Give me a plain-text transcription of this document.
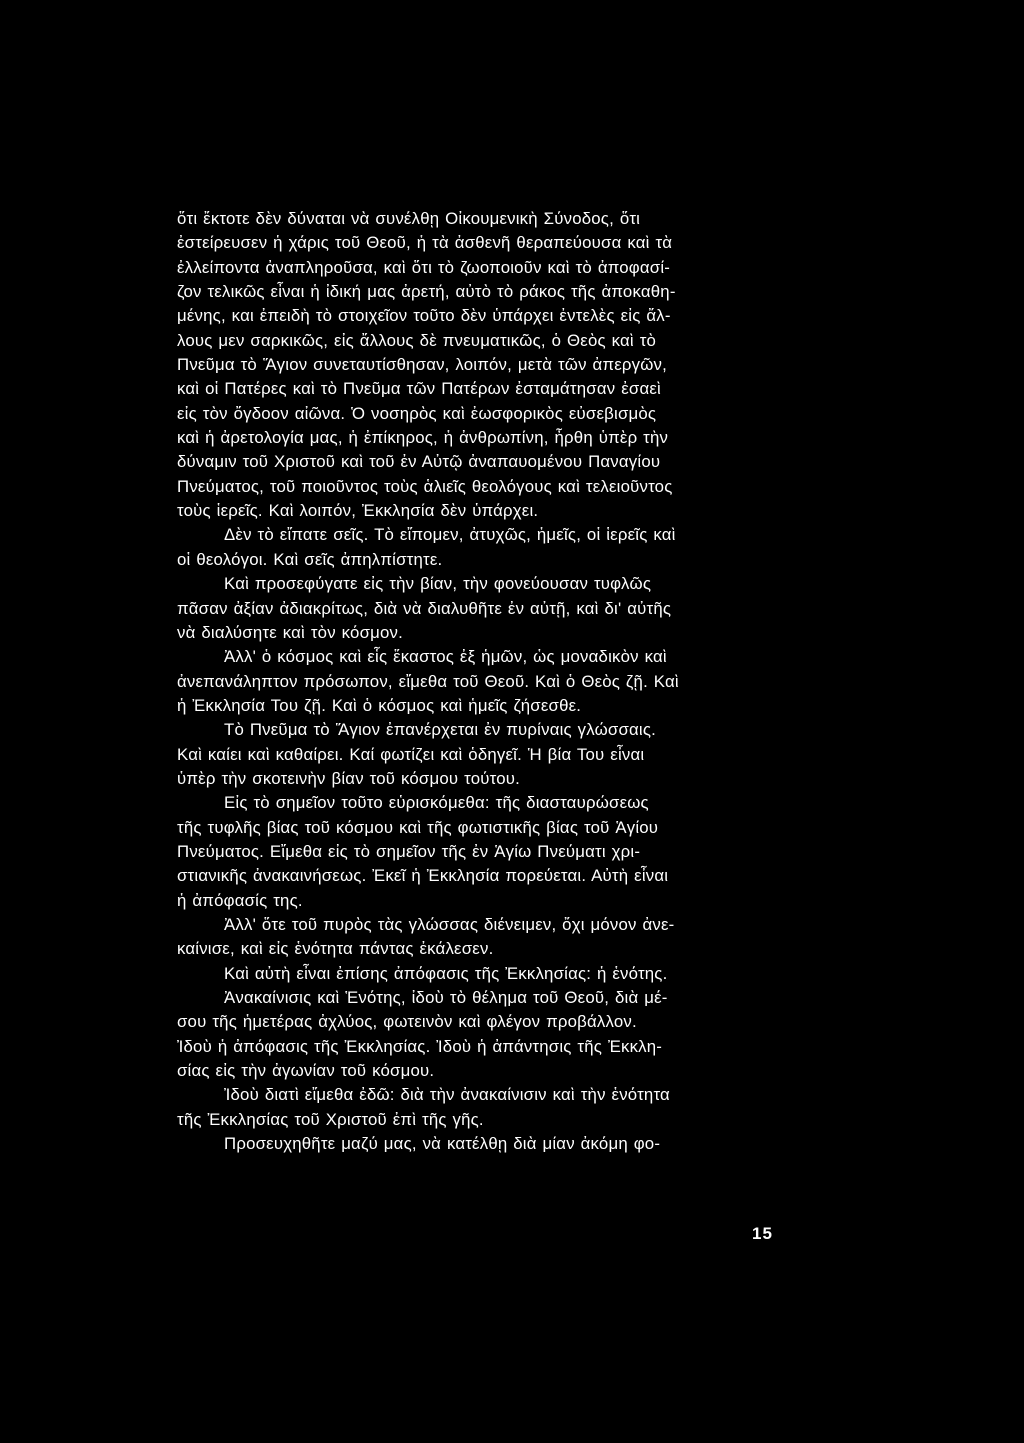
ὅτι ἔκτοτε δὲν δύναται νὰ συνέλθῃ Οἰκουμενικὴ Σύνοδος, ὅτι
ἐστείρευσεν ἡ χάρις τοῦ Θεοῦ, ἡ τὰ ἀσθενῆ θεραπεύουσα καὶ τὰ
ἐλλείποντα ἀναπληροῦσα, καὶ ὅτι τὸ ζωοποιοῦν καὶ τὸ ἀποφασί-
ζον τελικῶς εἶναι ἡ ἰδική μας ἀρετή, αὐτὸ τὸ ράκος τῆς ἀποκαθη-
μένης, και ἐπειδὴ τὸ στοιχεῖον τοῦτο δὲν ὑπάρχει ἐντελὲς εἰς ἄλ-
λους μεν σαρκικῶς, εἰς ἄλλους δὲ πνευματικῶς, ὁ Θεὸς καὶ τὸ
Πνεῦμα τὸ Ἅγιον συνεταυτίσθησαν, λοιπόν, μετὰ τῶν ἀπεργῶν,
καὶ οἱ Πατέρες καὶ τὸ Πνεῦμα τῶν Πατέρων ἐσταμάτησαν ἐσαεὶ
εἰς τὸν ὄγδοον αἰῶνα. Ὁ νοσηρὸς καὶ ἐωσφορικὸς εὐσεβισμὸς
καὶ ἡ ἀρετολογία μας, ἡ ἐπίκηρος, ἡ ἀνθρωπίνη, ἦρθη ὑπὲρ τὴν
δύναμιν τοῦ Χριστοῦ καὶ τοῦ ἐν Αὐτῷ ἀναπαυομένου Παναγίου
Πνεύματος, τοῦ ποιοῦντος τοὺς ἁλιεῖς θεολόγους καὶ τελειοῦντος
τοὺς ἱερεῖς. Καὶ λοιπόν, Ἐκκλησία δὲν ὑπάρχει.
Δὲν τὸ εἴπατε σεῖς. Τὸ εἴπομεν, ἀτυχῶς, ἡμεῖς, οἱ ἱερεῖς καὶ
οἱ θεολόγοι. Καὶ σεῖς ἀπηλπίστητε.
Καὶ προσεφύγατε εἰς τὴν βίαν, τὴν φονεύουσαν τυφλῶς
πᾶσαν ἀξίαν ἀδιακρίτως, διὰ νὰ διαλυθῆτε ἐν αὐτῇ, καὶ δι' αὐτῆς
νὰ διαλύσητε καὶ τὸν κόσμον.
Ἀλλ' ὁ κόσμος καὶ εἷς ἕκαστος ἐξ ἡμῶν, ὡς μοναδικὸν καὶ
ἀνεπανάληπτον πρόσωπον, εἴμεθα τοῦ Θεοῦ. Καὶ ὁ Θεὸς ζῇ. Καὶ
ἡ Ἐκκλησία Του ζῇ. Καὶ ὁ κόσμος καὶ ἡμεῖς ζήσεσθε.
Τὸ Πνεῦμα τὸ Ἅγιον ἐπανέρχεται ἐν πυρίναις γλώσσαις.
Καὶ καίει καὶ καθαίρει. Καί φωτίζει καὶ ὁδηγεῖ. Ἡ βία Του εἶναι
ὑπὲρ τὴν σκοτεινὴν βίαν τοῦ κόσμου τούτου.
Εἰς τὸ σημεῖον τοῦτο εὑρισκόμεθα: τῆς διασταυρώσεως
τῆς τυφλῆς βίας τοῦ κόσμου καὶ τῆς φωτιστικῆς βίας τοῦ Ἁγίου
Πνεύματος. Εἴμεθα εἰς τὸ σημεῖον τῆς ἐν Ἁγίω Πνεύματι χρι-
στιανικῆς ἀνακαινήσεως. Ἐκεῖ ἡ Ἐκκλησία πορεύεται. Αὐτὴ εἶναι
ἡ ἀπόφασίς της.
Ἀλλ' ὅτε τοῦ πυρὸς τὰς γλώσσας διένειμεν, ὄχι μόνον ἀνε-
καίνισε, καὶ εἰς ἑνότητα πάντας ἐκάλεσεν.
Καὶ αὐτὴ εἶναι ἐπίσης ἀπόφασις τῆς Ἐκκλησίας: ἡ ἑνότης.
Ἀνακαίνισις καὶ Ἑνότης, ἰδοὺ τὸ θέλημα τοῦ Θεοῦ, διὰ μέ-
σου τῆς ἡμετέρας ἀχλύος, φωτεινὸν καὶ φλέγον προβάλλον.
Ἰδοὺ ἡ ἀπόφασις τῆς Ἐκκλησίας. Ἰδοὺ ἡ ἀπάντησις τῆς Ἐκκλη-
σίας εἰς τὴν ἀγωνίαν τοῦ κόσμου.
Ἰδοὺ διατὶ εἴμεθα ἐδῶ: διὰ τὴν ἀνακαίνισιν καὶ τὴν ἑνότητα
τῆς Ἐκκλησίας τοῦ Χριστοῦ ἐπὶ τῆς γῆς.
Προσευχηθῆτε μαζύ μας, νὰ κατέλθῃ διὰ μίαν ἀκόμη φο-
15
